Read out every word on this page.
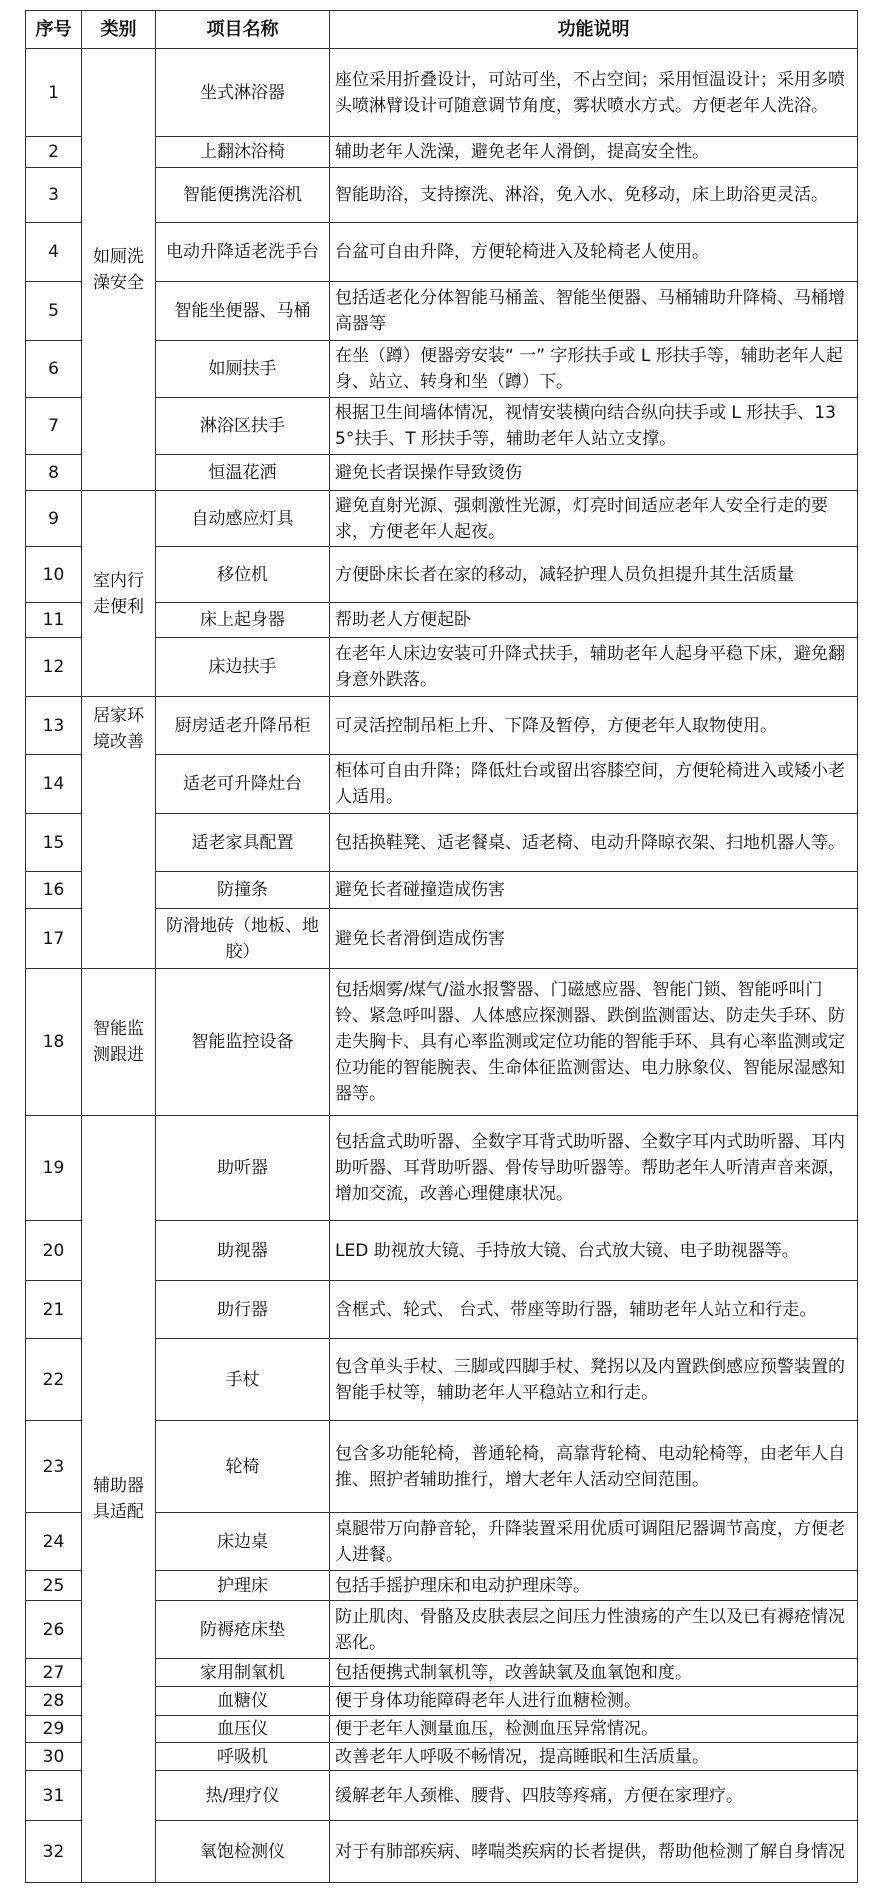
序号	类别	项目名称	功能说明
1	如厕洗澡安全	坐式淋浴器	座位采用折叠设计，可站可坐，不占空间；采用恒温设计；采用多喷头喷淋臂设计可随意调节角度，雾状喷水方式。方便老年人洗浴。
2		上翻沐浴椅	辅助老年人洗澡，避免老年人滑倒，提高安全性。
3		智能便携洗浴机	智能助浴，支持擦洗、淋浴，免入水、免移动，床上助浴更灵活。
4		电动升降适老洗手台	台盆可自由升降，方便轮椅进入及轮椅老人使用。
5		智能坐便器、马桶	包括适老化分体智能马桶盖、智能坐便器、马桶辅助升降椅、马桶增高器等
6		如厕扶手	在坐（蹲）便器旁安装“ 一” 字形扶手或 L 形扶手等，辅助老年人起身、站立、转身和坐（蹲）下。
7		淋浴区扶手	根据卫生间墙体情况，视情安装横向结合纵向扶手或 L 形扶手、135°扶手、T 形扶手等，辅助老年人站立支撑。
8		恒温花洒	避免长者误操作导致烫伤
9	室内行走便利	自动感应灯具	避免直射光源、强刺激性光源，灯亮时间适应老年人安全行走的要求，方便老年人起夜。
10		移位机	方便卧床长者在家的移动，减轻护理人员负担提升其生活质量
11		床上起身器	帮助老人方便起卧
12		床边扶手	在老年人床边安装可升降式扶手，辅助老年人起身平稳下床，避免翻身意外跌落。
13	居家环境改善	厨房适老升降吊柜	可灵活控制吊柜上升、下降及暂停，方便老年人取物使用。
14		适老可升降灶台	柜体可自由升降；降低灶台或留出容膝空间，方便轮椅进入或矮小老人适用。
15		适老家具配置	包括换鞋凳、适老餐桌、适老椅、电动升降晾衣架、扫地机器人等。
16		防撞条	避免长者碰撞造成伤害
17		防滑地砖（地板、地胶）	避免长者滑倒造成伤害
18	智能监测跟进	智能监控设备	包括烟雾/煤气/溢水报警器、门磁感应器、智能门锁、智能呼叫门铃、紧急呼叫器、人体感应探测器、跌倒监测雷达、防走失手环、防走失胸卡、具有心率监测或定位功能的智能手环、具有心率监测或定位功能的智能腕表、生命体征监测雷达、电力脉象仪、智能尿湿感知器等。
19	辅助器具适配	助听器	包括盒式助听器、全数字耳背式助听器、全数字耳内式助听器、耳内助听器、耳背助听器、骨传导助听器等。帮助老年人听清声音来源，增加交流，改善心理健康状况。
20		助视器	LED 助视放大镜、手持放大镜、台式放大镜、电子助视器等。
21		助行器	含框式、轮式、 台式、带座等助行器，辅助老年人站立和行走。
22		手杖	包含单头手杖、三脚或四脚手杖、凳拐以及内置跌倒感应预警装置的智能手杖等，辅助老年人平稳站立和行走。
23		轮椅	包含多功能轮椅，普通轮椅，高靠背轮椅、电动轮椅等，由老年人自推、照护者辅助推行，增大老年人活动空间范围。
24		床边桌	桌腿带万向静音轮，升降装置采用优质可调阻尼器调节高度，方便老人进餐。
25		护理床	包括手摇护理床和电动护理床等。
26		防褥疮床垫	防止肌肉、骨骼及皮肤表层之间压力性溃疡的产生以及已有褥疮情况恶化。
27		家用制氧机	包括便携式制氧机等，改善缺氧及血氧饱和度。
28		血糖仪	便于身体功能障碍老年人进行血糖检测。
29		血压仪	便于老年人测量血压，检测血压异常情况。
30		呼吸机	改善老年人呼吸不畅情况，提高睡眠和生活质量。
31		热/理疗仪	缓解老年人颈椎、腰背、四肢等疼痛，方便在家理疗。
32		氧饱检测仪	对于有肺部疾病、哮喘类疾病的长者提供，帮助他检测了解自身情况
